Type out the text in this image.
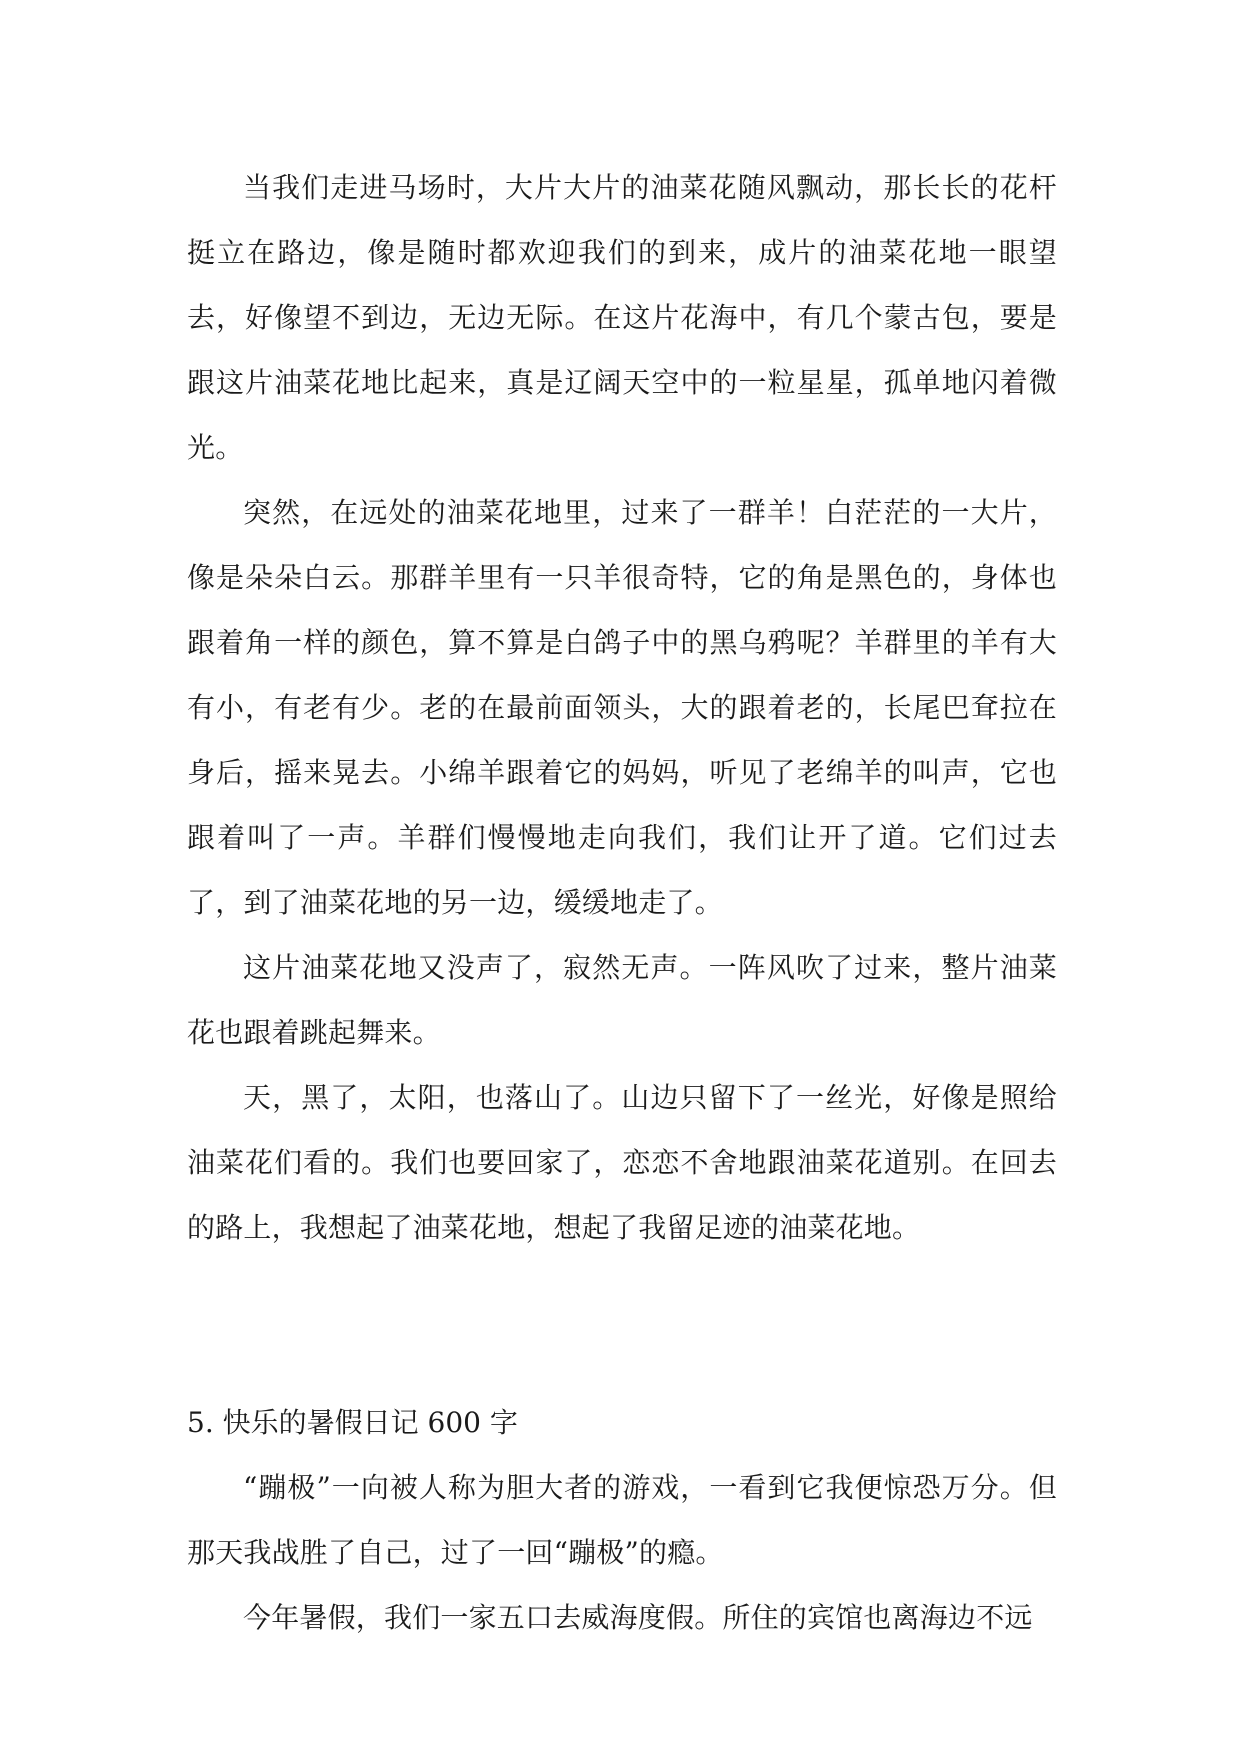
当我们走进马场时，大片大片的油菜花随风飘动，那长长的花杆挺立在路边，像是随时都欢迎我们的到来，成片的油菜花地一眼望去，好像望不到边，无边无际。在这片花海中，有几个蒙古包，要是跟这片油菜花地比起来，真是辽阔天空中的一粒星星，孤单地闪着微光。

突然，在远处的油菜花地里，过来了一群羊！白茫茫的一大片，像是朵朵白云。那群羊里有一只羊很奇特，它的角是黑色的，身体也跟着角一样的颜色，算不算是白鸽子中的黑乌鸦呢？羊群里的羊有大有小，有老有少。老的在最前面领头，大的跟着老的，长尾巴耷拉在身后，摇来晃去。小绵羊跟着它的妈妈，听见了老绵羊的叫声，它也跟着叫了一声。羊群们慢慢地走向我们，我们让开了道。它们过去了，到了油菜花地的另一边，缓缓地走了。

这片油菜花地又没声了，寂然无声。一阵风吹了过来，整片油菜花也跟着跳起舞来。

天，黑了，太阳，也落山了。山边只留下了一丝光，好像是照给油菜花们看的。我们也要回家了，恋恋不舍地跟油菜花道别。在回去的路上，我想起了油菜花地，想起了我留足迹的油菜花地。

5. 快乐的暑假日记 600 字

“蹦极”一向被人称为胆大者的游戏，一看到它我便惊恐万分。但那天我战胜了自己，过了一回“蹦极”的瘾。

今年暑假，我们一家五口去威海度假。所住的宾馆也离海边不远
